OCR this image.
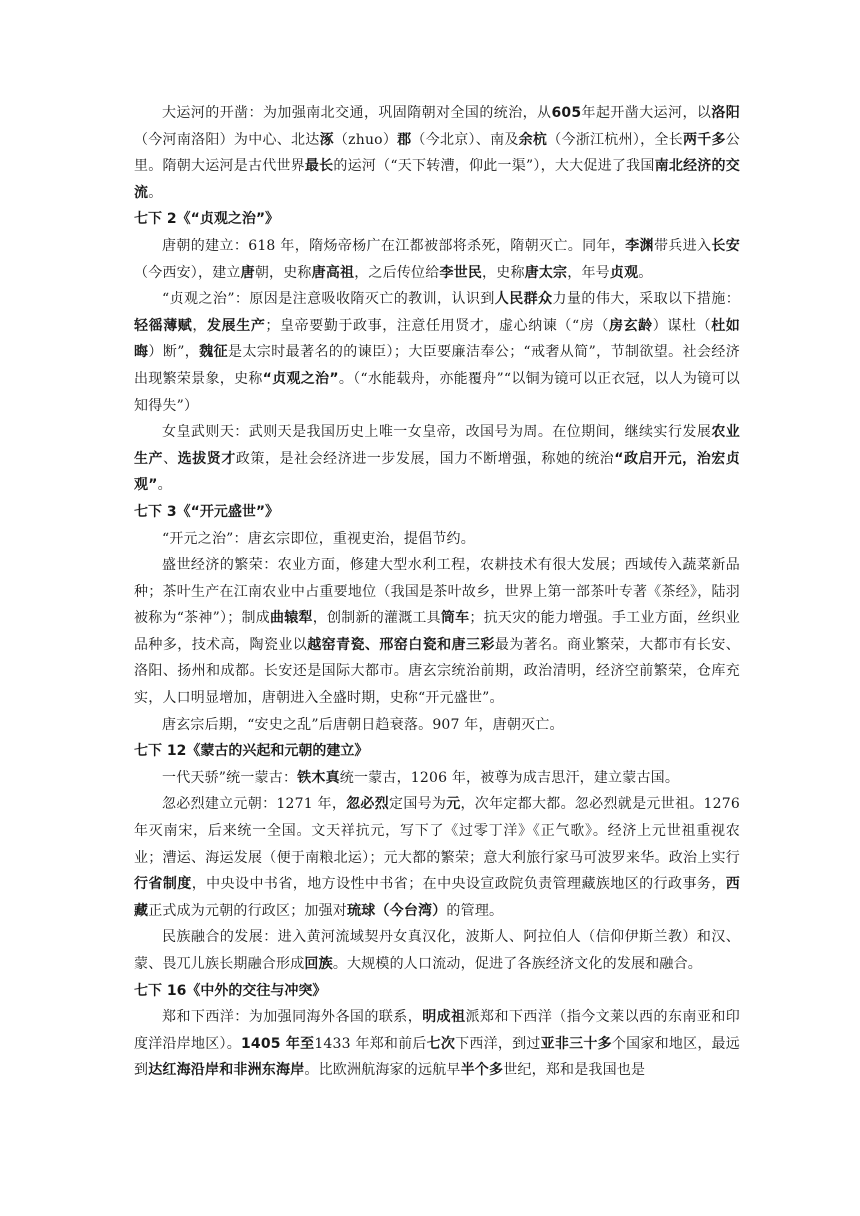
大运河的开凿：为加强南北交通，巩固隋朝对全国的统治，从605年起开凿大运河，以洛阳（今河南洛阳）为中心、北达涿（zhuo）郡（今北京）、南及余杭（今浙江杭州），全长两千多公里。隋朝大运河是古代世界最长的运河（“天下转漕，仰此一渠”），大大促进了我国南北经济的交流。

七下 2《“贞观之治”》

唐朝的建立：618 年，隋炀帝杨广在江都被部将杀死，隋朝灭亡。同年，李渊带兵进入长安（今西安），建立唐朝，史称唐高祖，之后传位给李世民，史称唐太宗，年号贞观。

“贞观之治”：原因是注意吸收隋灭亡的教训，认识到人民群众力量的伟大，采取以下措施：轻徭薄赋，发展生产；皇帝要勤于政事，注意任用贤才，虚心纳谏（“房（房玄龄）谋杜（杜如晦）断”，魏征是太宗时最著名的的谏臣）；大臣要廉洁奉公；“戒奢从简”，节制欲望。社会经济出现繁荣景象，史称“贞观之治”。（“水能载舟，亦能覆舟”“以铜为镜可以正衣冠，以人为镜可以知得失”）

女皇武则天：武则天是我国历史上唯一女皇帝，改国号为周。在位期间，继续实行发展农业生产、选拔贤才政策，是社会经济进一步发展，国力不断增强，称她的统治“政启开元，治宏贞观”。

七下 3《“开元盛世”》

“开元之治”：唐玄宗即位，重视吏治，提倡节约。

盛世经济的繁荣：农业方面，修建大型水利工程，农耕技术有很大发展；西域传入蔬菜新品种；茶叶生产在江南农业中占重要地位（我国是茶叶故乡，世界上第一部茶叶专著《茶经》，陆羽被称为“茶神”）；制成曲辕犁，创制新的灌溉工具筒车；抗天灾的能力增强。手工业方面，丝织业品种多，技术高，陶瓷业以越窑青瓷、邢窑白瓷和唐三彩最为著名。商业繁荣，大都市有长安、洛阳、扬州和成都。长安还是国际大都市。唐玄宗统治前期，政治清明，经济空前繁荣，仓库充实，人口明显增加，唐朝进入全盛时期，史称“开元盛世”。

唐玄宗后期，“安史之乱”后唐朝日趋衰落。907 年，唐朝灭亡。

七下 12《蒙古的兴起和元朝的建立》

一代天骄”统一蒙古：铁木真统一蒙古，1206 年，被尊为成吉思汗，建立蒙古国。

忽必烈建立元朝：1271 年，忽必烈定国号为元，次年定都大都。忽必烈就是元世祖。1276 年灭南宋，后来统一全国。文天祥抗元，写下了《过零丁洋》《正气歌》。经济上元世祖重视农业；漕运、海运发展（便于南粮北运）；元大都的繁荣；意大利旅行家马可波罗来华。政治上实行行省制度，中央设中书省，地方设性中书省；在中央设宣政院负责管理藏族地区的行政事务，西藏正式成为元朝的行政区；加强对琉球（今台湾）的管理。

民族融合的发展：进入黄河流域契丹女真汉化，波斯人、阿拉伯人（信仰伊斯兰教）和汉、蒙、畏兀儿族长期融合形成回族。大规模的人口流动，促进了各族经济文化的发展和融合。

七下 16《中外的交往与冲突》

郑和下西洋：为加强同海外各国的联系，明成祖派郑和下西洋（指今文莱以西的东南亚和印度洋沿岸地区）。1405 年至1433 年郑和前后七次下西洋，到过亚非三十多个国家和地区，最远到达红海沿岸和非洲东海岸。比欧洲航海家的远航早半个多世纪，郑和是我国也是
